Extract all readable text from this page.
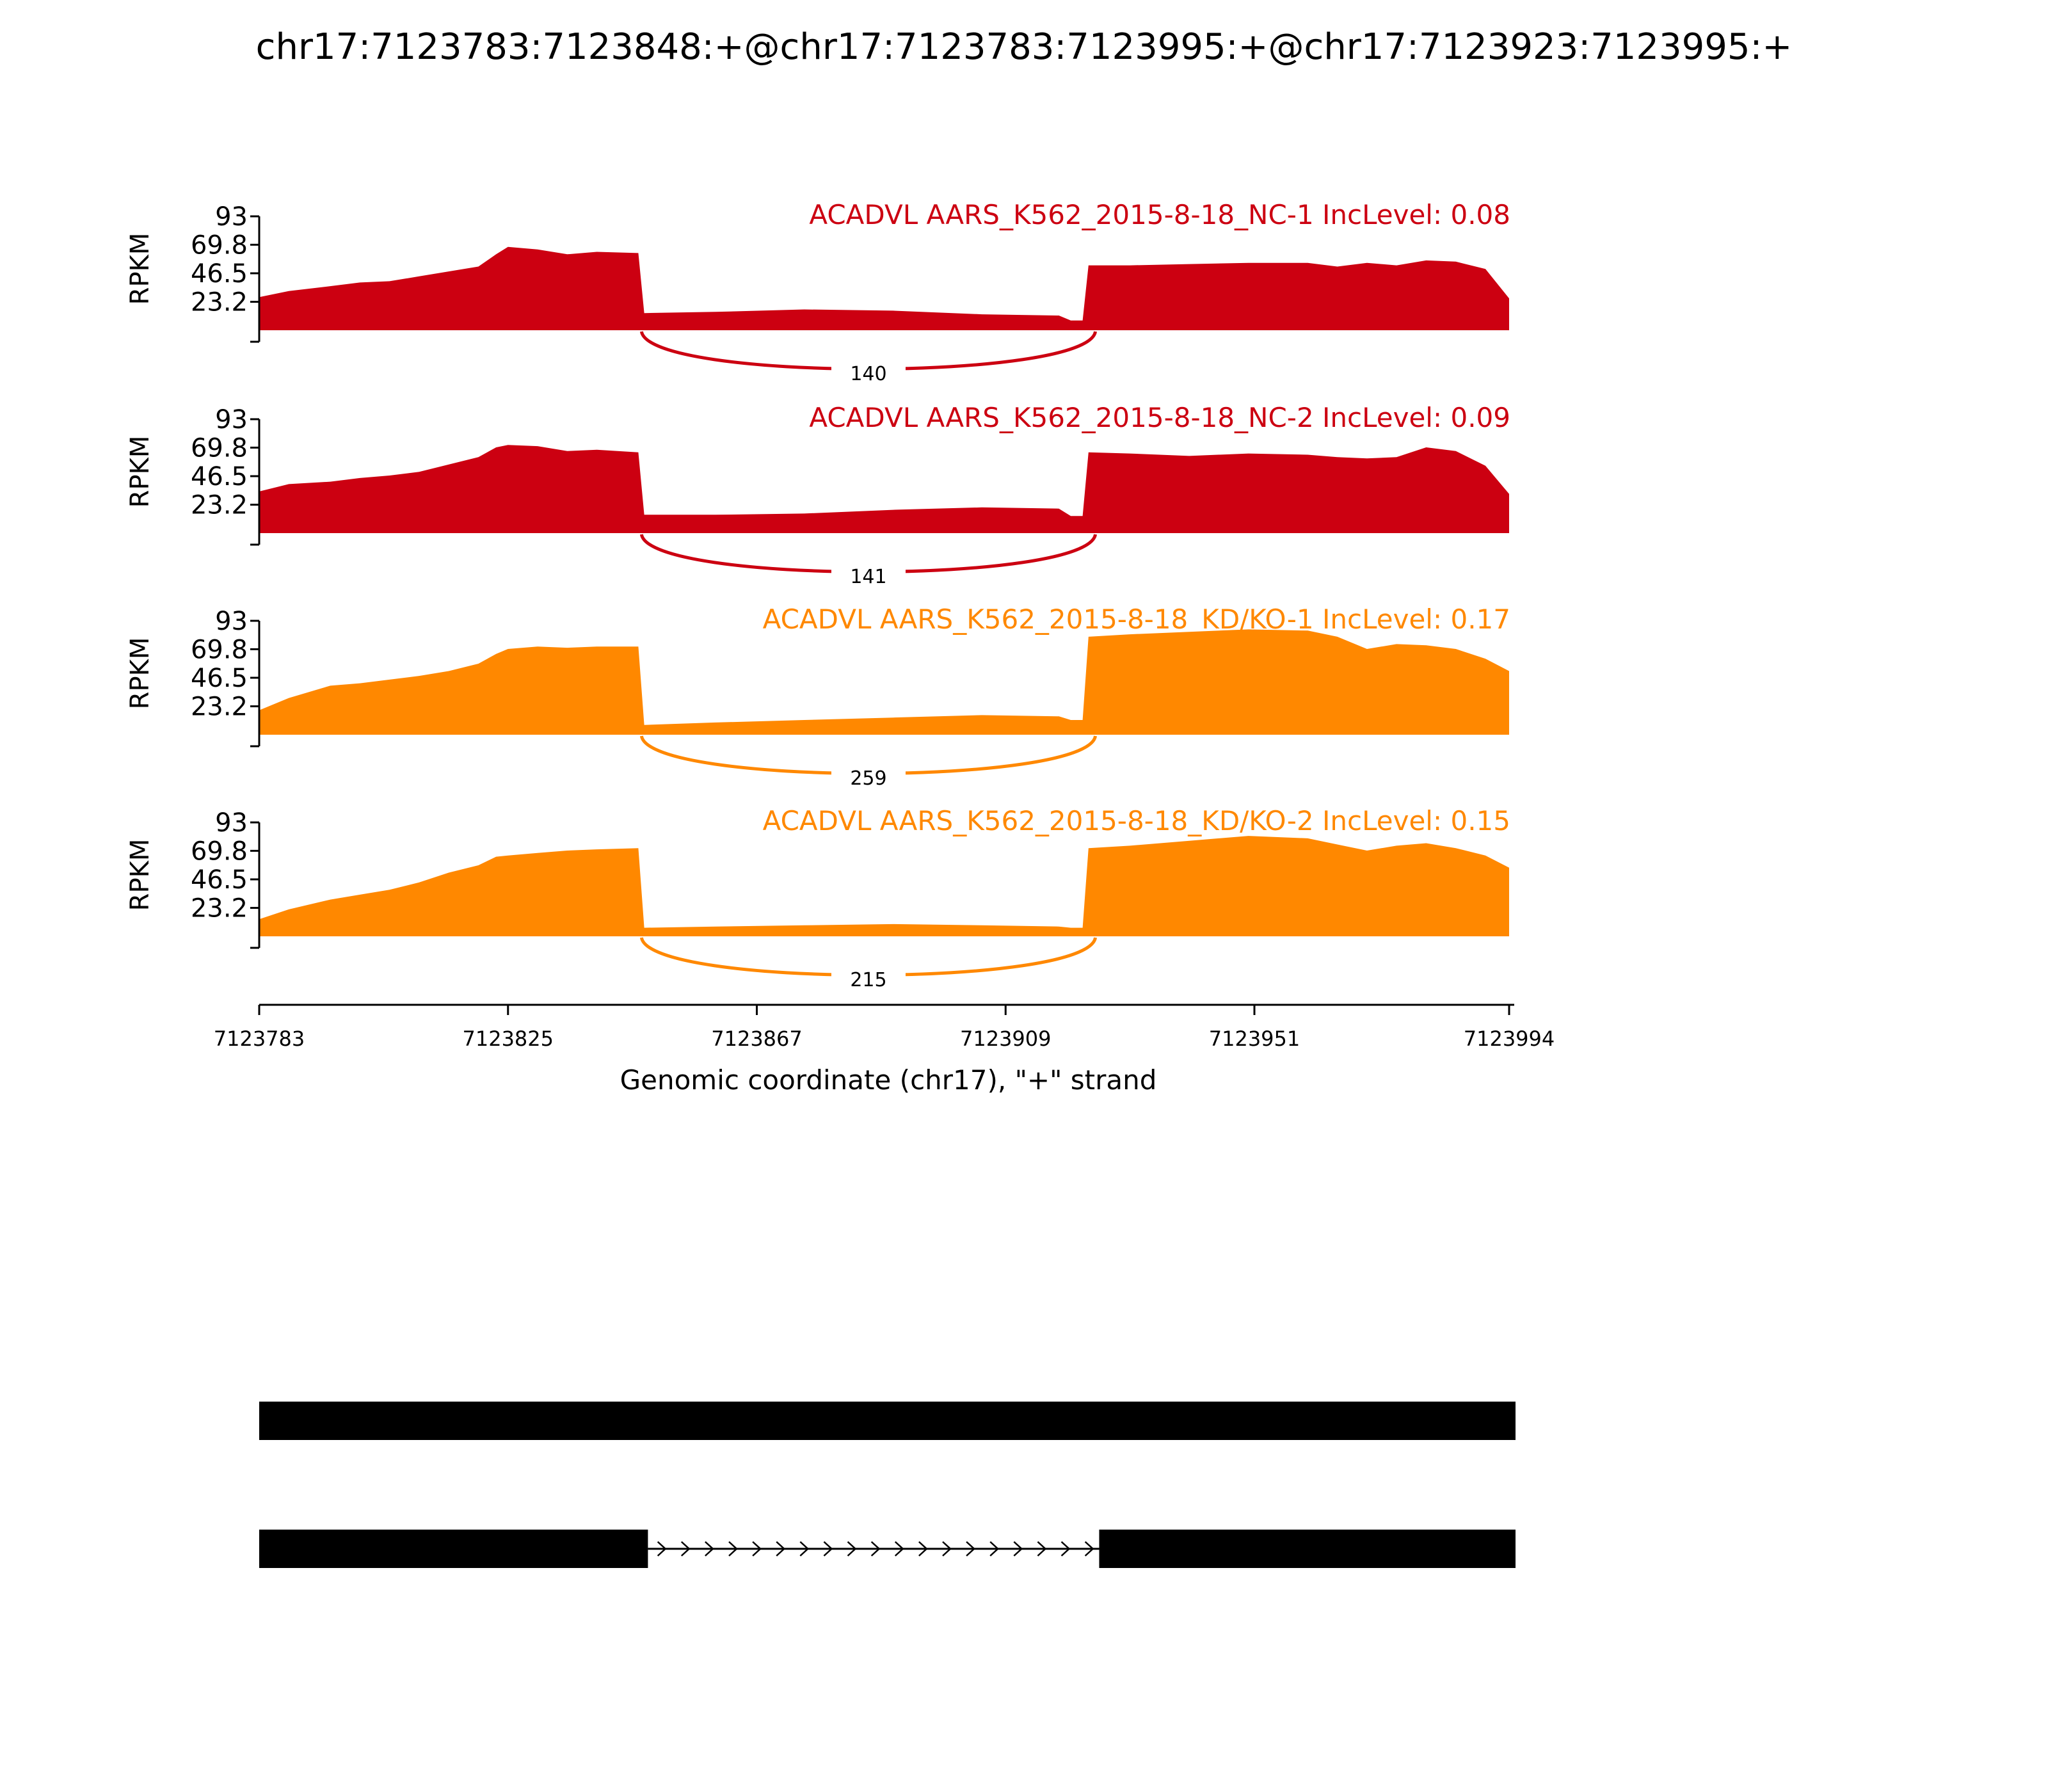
chr17:7123783:7123848:+@chr17:7123783:7123995:+@chr17:7123923:7123995:+
93
69.8
46.5
23.2
RPKM
ACADVL AARS_K562_2015-8-18_NC-1 IncLevel: 0.08
140
93
69.8
46.5
23.2
RPKM
ACADVL AARS_K562_2015-8-18_NC-2 IncLevel: 0.09
141
93
69.8
46.5
23.2
RPKM
ACADVL AARS_K562_2015-8-18_KD/KO-1 IncLevel: 0.17
259
93
69.8
46.5
23.2
RPKM
ACADVL AARS_K562_2015-8-18_KD/KO-2 IncLevel: 0.15
215
7123783	7123825	7123867	7123909	7123951	7123994
Genomic coordinate (chr17), "+" strand
